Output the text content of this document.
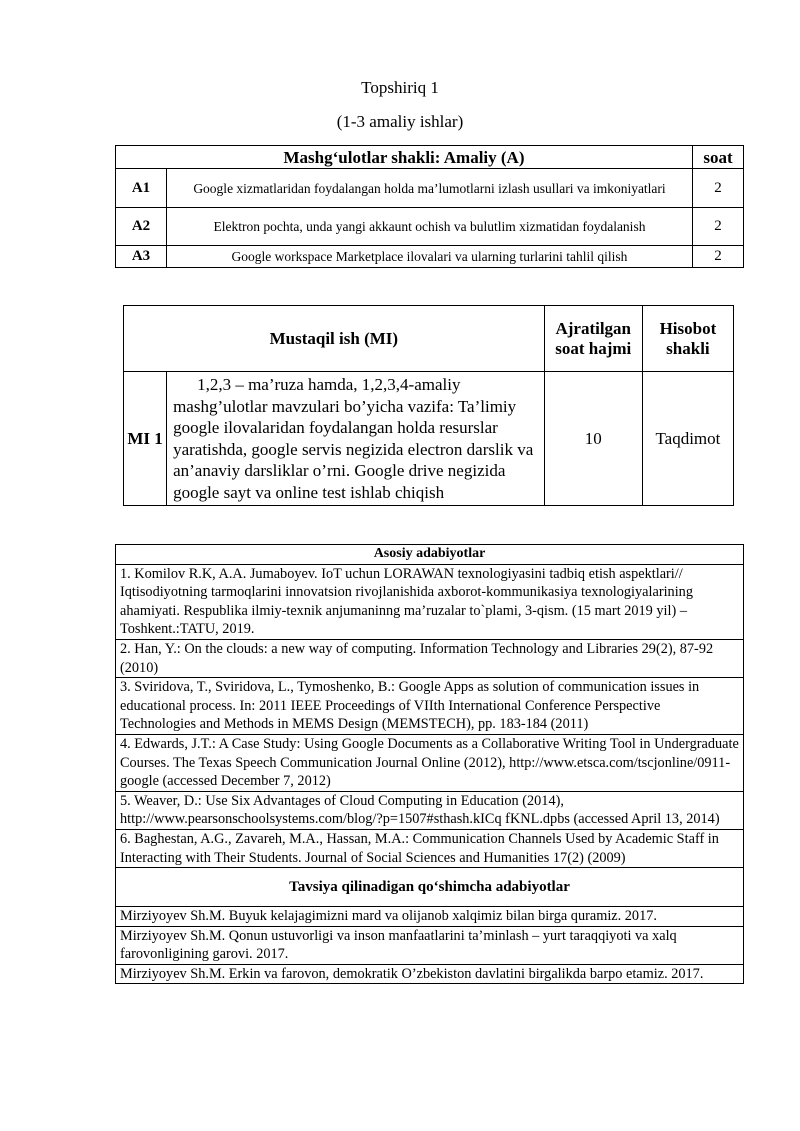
Topshiriq 1
(1-3 amaliy ishlar)
Mashg‘ulotlar shakli: Amaliy (A)		soat
A1	Google xizmatlaridan foydalangan holda ma’lumotlarni izlash usullari va imkoniyatlari	2
A2	Elektron pochta, unda yangi akkaunt ochish va bulutlim xizmatidan foydalanish	2
A3	Google workspace Marketplace ilovalari va ularning turlarini tahlil qilish	2
Mustaqil ish (MI)		Ajratilgan soat hajmi	Hisobot shakli
MI 1	1,2,3 – ma’ruza hamda, 1,2,3,4-amaliy mashg’ulotlar mavzulari bo’yicha vazifa: Ta’limiy google ilovalaridan foydalangan holda resurslar yaratishda, google servis negizida electron darslik va an’anaviy darsliklar o’rni. Google drive negizida google sayt va online test ishlab chiqish	10	Taqdimot
Asosiy adabiyotlar
1. Komilov R.K, A.A. Jumaboyev. IoT uchun LORAWAN texnologiyasini tadbiq etish aspektlari// Iqtisodiyotning tarmoqlarini innovatsion rivojlanishida axborot-kommunikasiya texnologiyalarining ahamiyati. Respublika ilmiy-texnik anjumaninng ma’ruzalar to`plami, 3-qism. (15 mart 2019 yil) – Toshkent.:TATU, 2019.
2. Han, Y.: On the clouds: a new way of computing. Information Technology and Libraries 29(2), 87-92 (2010)
3. Sviridova, T., Sviridova, L., Tymoshenko, B.: Google Apps as solution of communication issues in educational process. In: 2011 IEEE Proceedings of VIIth International Conference Perspective Technologies and Methods in MEMS Design (MEMSTECH), pp. 183-184 (2011)
4. Edwards, J.T.: A Case Study: Using Google Documents as a Collaborative Writing Tool in Undergraduate Courses. The Texas Speech Communication Journal Online (2012), http://www.etsca.com/tscjonline/0911-google (accessed December 7, 2012)
5. Weaver, D.: Use Six Advantages of Cloud Computing in Education (2014), http://www.pearsonschoolsystems.com/blog/?p=1507#sthash.kICq fKNL.dpbs (accessed April 13, 2014)
6. Baghestan, A.G., Zavareh, M.A., Hassan, M.A.: Communication Channels Used by Academic Staff in Interacting with Their Students. Journal of Social Sciences and Humanities 17(2) (2009)
Tavsiya qilinadigan qo‘shimcha adabiyotlar
Mirziyoyev Sh.M. Buyuk kelajagimizni mard va olijanob xalqimiz bilan birga quramiz. 2017.
Mirziyoyev Sh.M. Qonun ustuvorligi va inson manfaatlarini ta’minlash – yurt taraqqiyoti va xalq farovonligining garovi. 2017.
Mirziyoyev Sh.M. Erkin va farovon, demokratik O’zbekiston davlatini birgalikda barpo etamiz. 2017.
